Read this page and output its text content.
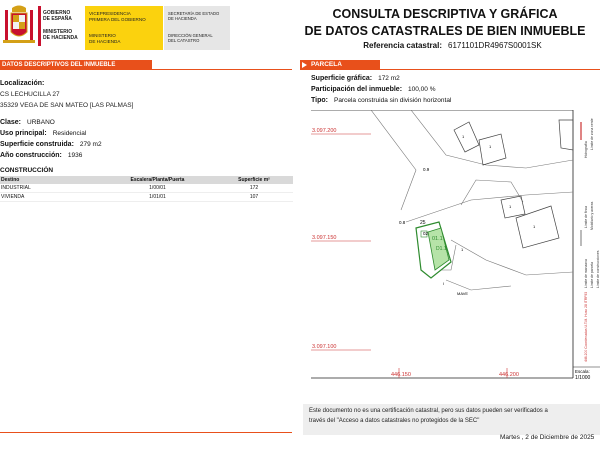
GOBIERNO
DE ESPAÑA
MINISTERIO
DE HACIENDA
VICEPRESIDENCIA
PRIMERA DEL GOBIERNO
MINISTERIO
DE HACIENDA
SECRETARÍA DE ESTADO
DE HACIENDA
DIRECCIÓN GENERAL
DEL CATASTRO
CONSULTA DESCRIPTIVA Y GRÁFICA
DE DATOS CATASTRALES DE BIEN INMUEBLE
Referencia catastral: 6171101DR4967S0001SK
DATOS DESCRIPTIVOS DEL INMUEBLE
Localización:
CS LECHUCILLA 27
35329 VEGA DE SAN MATEO [LAS PALMAS]
Clase: URBANO
Uso principal: Residencial
Superficie construida: 279 m2
Año construcción: 1936
CONSTRUCCIÓN
Destino	Escalera/Planta/Puerta	Superficie m²
INDUSTRIAL	1/00/01	172
VIVIENDA	1/01/01	107
PARCELA
Superficie gráfica: 172 m2
Participación del inmueble: 100,00 %
Tipo: Parcela construida sin división horizontal
3.097.200
3.097.150
3.097.100
446.150	446.200
0.8
0.9
01.1
D1.1
25
02
1
1
1
1
1
I
MAVE
Hidrografía
Límite de finca
Límite de zona verde
Mobiliario y aceras
Límite de manzana Límite de parcela Límite de construcciones
446.200 Coordenadas U.T.M. Huso 28 ITRF93
Escala:
1/1000
Este documento no es una certificación catastral, pero sus datos pueden ser verificados a
través del "Acceso a datos catastrales no protegidos de la SEC"
Martes , 2 de Diciembre de 2025
